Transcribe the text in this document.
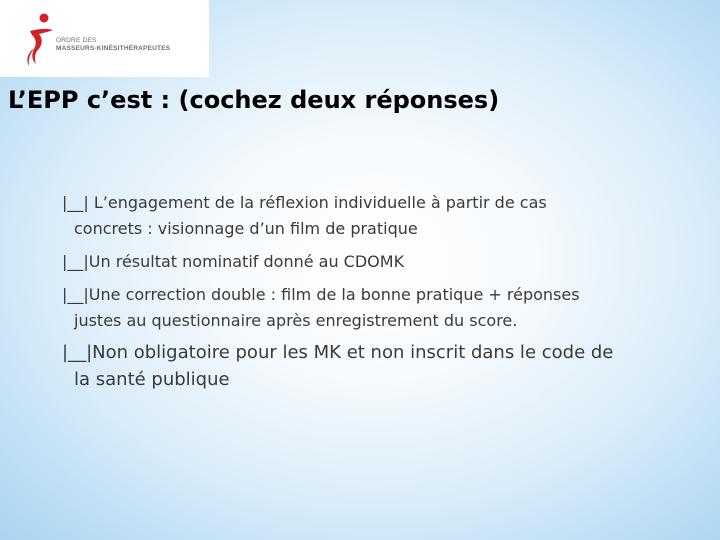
ORDRE DES
MASSEURS-KINÉSITHÉRAPEUTES
L’EPP c’est : (cochez deux réponses)
|__| L’engagement de la réflexion individuelle à partir de cas
concrets : visionnage d’un film de pratique
|__|Un résultat nominatif donné au CDOMK
|__|Une correction double : film de la bonne pratique + réponses
justes au questionnaire après enregistrement du score.
|__|Non obligatoire pour les MK et non inscrit dans le code de
la santé publique
